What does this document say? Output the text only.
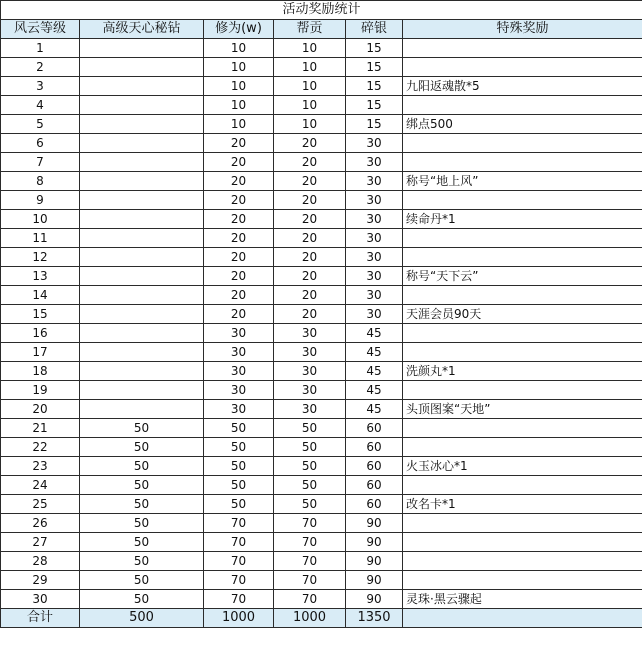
活动奖励统计					
风云等级	高级天心秘钻	修为(w)	帮贡	碎银	特殊奖励
1		10	10	15	
2		10	10	15	
3		10	10	15	九阳返魂散*5
4		10	10	15	
5		10	10	15	绑点500
6		20	20	30	
7		20	20	30	
8		20	20	30	称号“地上风”
9		20	20	30	
10		20	20	30	续命丹*1
11		20	20	30	
12		20	20	30	
13		20	20	30	称号“天下云”
14		20	20	30	
15		20	20	30	天涯会员90天
16		30	30	45	
17		30	30	45	
18		30	30	45	洗颜丸*1
19		30	30	45	
20		30	30	45	头顶图案“天地”
21	50	50	50	60	
22	50	50	50	60	
23	50	50	50	60	火玉冰心*1
24	50	50	50	60	
25	50	50	50	60	改名卡*1
26	50	70	70	90	
27	50	70	70	90	
28	50	70	70	90	
29	50	70	70	90	
30	50	70	70	90	灵珠·黑云骤起
合计	500	1000	1000	1350	
